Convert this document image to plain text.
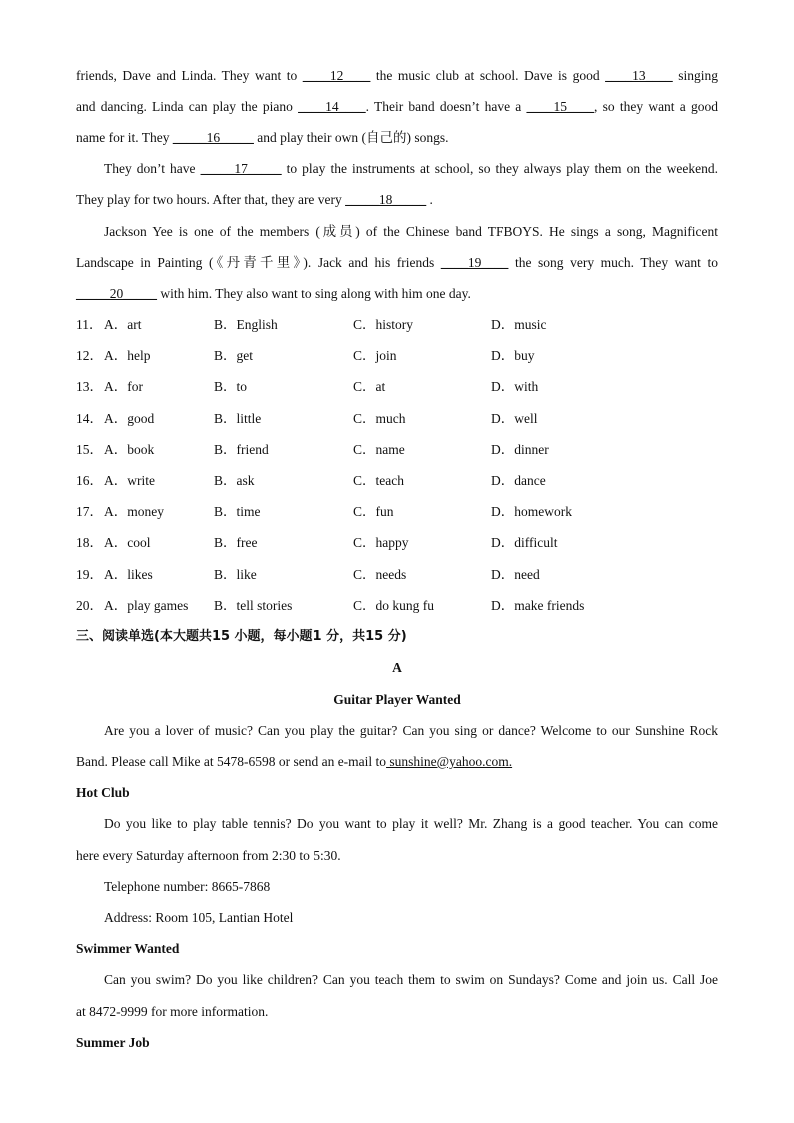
friends, Dave and Linda. They want to ____12____ the music club at school. Dave is good ____13____ singing
and dancing. Linda can play the piano ____14____. Their band doesn’t have a ____15____, so they want a good
name for it. They _____16_____ and play their own (自己的) songs.
They don’t have _____17_____ to play the instruments at school, so they always play them on the weekend.
They play for two hours. After that, they are very _____18_____ .
Jackson Yee is one of the members (成员) of the Chinese band TFBOYS. He sings a song, Magnificent
Landscape in Painting (《丹青千里》). Jack and his friends ____19____ the song very much. They want to
_____20_____ with him. They also want to sing along with him one day.
11． A．art	B．English	C．history	D．music
12． A．help	B．get	C．join	D．buy
13． A．for	B．to	C．at	D．with
14． A．good	B．little	C．much	D．well
15． A．book	B．friend	C．name	D．dinner
16． A．write	B．ask	C．teach	D．dance
17． A．money	B．time	C．fun	D．homework
18． A．cool	B．free	C．happy	D．difficult
19． A．likes	B．like	C．needs	D．need
20． A．play games B．tell stories	C．do kung fu	D．make friends
三、阅读单选(本大题共15 小题，每小题1 分，共15 分)
A
Guitar Player Wanted
Are you a lover of music? Can you play the guitar? Can you sing or dance? Welcome to our Sunshine Rock
Band. Please call Mike at 5478-6598 or send an e-mail to sunshine@yahoo.com.
Hot Club
Do you like to play table tennis? Do you want to play it well? Mr. Zhang is a good teacher. You can come
here every Saturday afternoon from 2:30 to 5:30.
Telephone number: 8665-7868
Address: Room 105, Lantian Hotel
Swimmer Wanted
Can you swim? Do you like children? Can you teach them to swim on Sundays? Come and join us. Call Joe
at 8472-9999 for more information.
Summer Job
